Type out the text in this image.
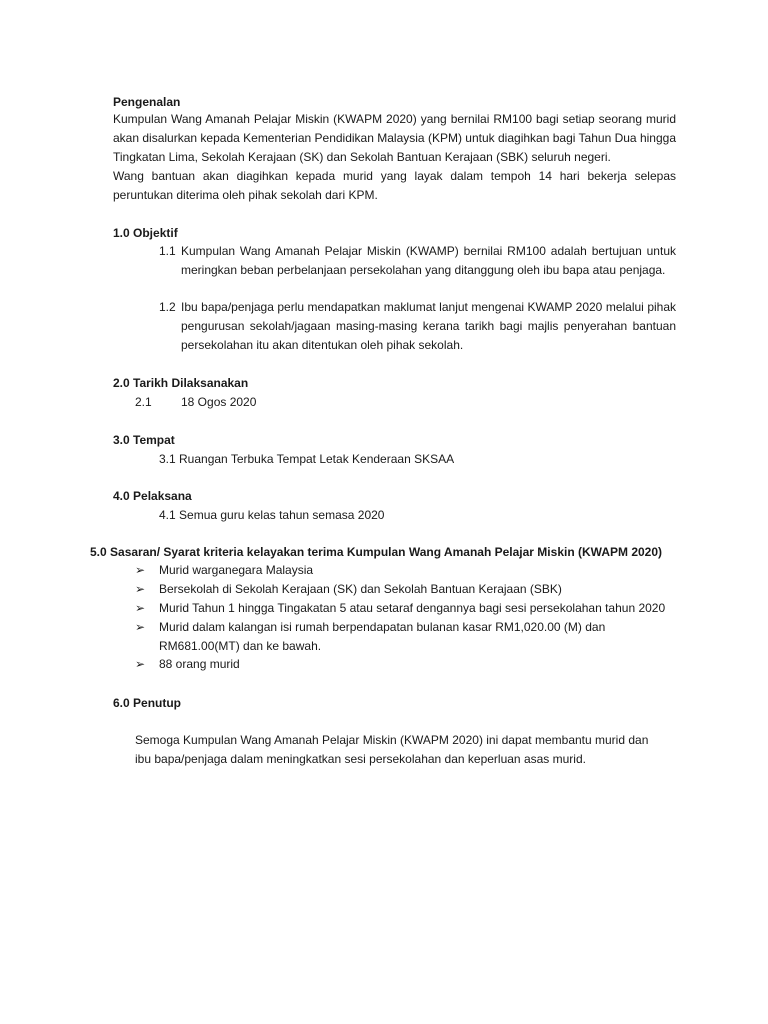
Pengenalan
Kumpulan Wang Amanah Pelajar Miskin (KWAPM 2020) yang bernilai RM100 bagi setiap seorang murid akan disalurkan kepada Kementerian Pendidikan Malaysia (KPM) untuk diagihkan bagi Tahun Dua hingga Tingkatan Lima, Sekolah Kerajaan (SK) dan Sekolah Bantuan Kerajaan (SBK) seluruh negeri.
Wang bantuan akan diagihkan kepada murid yang layak dalam tempoh 14 hari bekerja selepas peruntukan diterima oleh pihak sekolah dari KPM.
1.0 Objektif
1.1 Kumpulan Wang Amanah Pelajar Miskin (KWAMP) bernilai RM100 adalah bertujuan untuk meringkan beban perbelanjaan persekolahan yang ditanggung oleh ibu bapa atau penjaga.
1.2 Ibu bapa/penjaga perlu mendapatkan maklumat lanjut mengenai KWAMP 2020 melalui pihak pengurusan sekolah/jagaan masing-masing kerana tarikh bagi majlis penyerahan bantuan persekolahan itu akan ditentukan oleh pihak sekolah.
2.0 Tarikh Dilaksanakan
2.1 18 Ogos 2020
3.0 Tempat
3.1 Ruangan Terbuka Tempat Letak Kenderaan SKSAA
4.0 Pelaksana
4.1 Semua guru kelas tahun semasa 2020
5.0 Sasaran/ Syarat kriteria kelayakan terima Kumpulan Wang Amanah Pelajar Miskin (KWAPM 2020)
➢ Murid warganegara Malaysia
➢ Bersekolah di Sekolah Kerajaan (SK) dan Sekolah Bantuan Kerajaan (SBK)
➢ Murid Tahun 1 hingga Tingakatan 5 atau setaraf dengannya bagi sesi persekolahan tahun 2020
➢ Murid dalam kalangan isi rumah berpendapatan bulanan kasar RM1,020.00 (M) dan RM681.00(MT) dan ke bawah.
➢ 88 orang murid
6.0 Penutup
Semoga Kumpulan Wang Amanah Pelajar Miskin (KWAPM 2020) ini dapat membantu murid dan ibu bapa/penjaga dalam meningkatkan sesi persekolahan dan keperluan asas murid.
